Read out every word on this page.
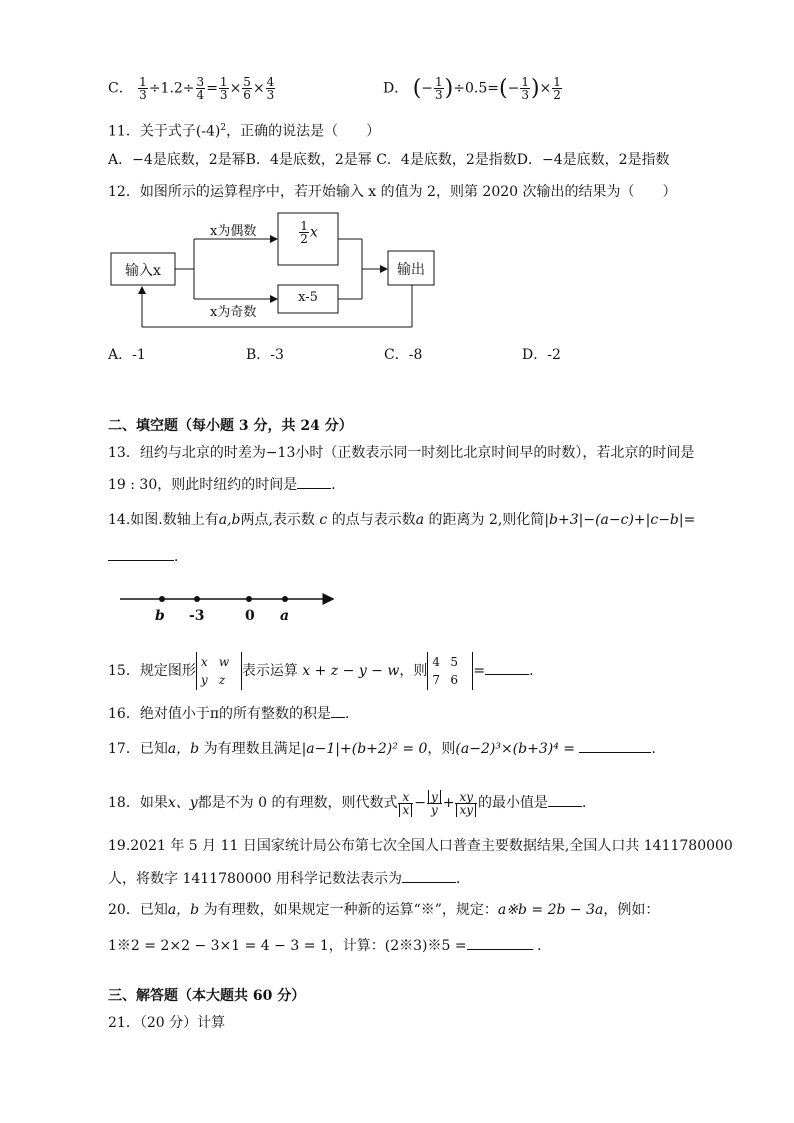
C． $\frac{1}{3} \div 1.2\div \frac{3}{4} = \frac{1}{3} \times \frac{5}{6} \times \frac{4}{3}$	D． (− $\frac{1}{3} )\div 0.5=(- \frac{1}{3}$ )× $\frac{1}{2}$
11．关于式子$(-4)^2$，正确的说法是（　　）
A．−4是底数，2是幂B．4是底数，2是幂 C．4是底数，2是指数D．−4是底数，2是指数
12．如图所示的运算程序中，若开始输入 x 的值为 2，则第 2020 次输出的结果为（　　）
输入x	输出
x为偶数
x为奇数
$\frac{1}{2}$ x
x-5
A．-1	B．-3	C．-8	D．-2
二、填空题（每小题 3 分，共 24 分）
13．纽约与北京的时差为−13小时（正数表示同一时刻比北京时间早的时数），若北京的时间是
19 : 30，则此时纽约的时间是 ．
14.如图.数轴上有a,b两点,表示数 c 的点与表示数a 的距离为 2,则化简|b+3|−(a−c)+|c−b|=
．
b -3	0 a
15．规定图形x w
y z表示运算 x + z − y − w，则4 5
7 6=	．
16．绝对值小于π的所有整数的积是 .
17．已知a，b 为有理数且满足|a−1|+(b+2)² = 0，则(a−2)³×(b+3)⁴ =	．
18．如果x、y都是不为 0 的有理数，则代数式 $\frac{x}{x} - \frac{y}{y} + \frac{xy}{xy}$ 的最小值是 ．
19.2021 年 5 月 11 日国家统计局公布第七次全国人口普查主要数据结果,全国人口共 1411780000
人，将数字 1411780000 用科学记数法表示为	．
20．已知a，b 为有理数，如果规定一种新的运算“※”，规定：a※b = 2b − 3a，例如：
1※2 = 2×2 − 3×1 = 4 − 3 = 1，计算：(2※3)※5 =	．
三、解答题（本大题共 60 分）
21．（20 分）计算
